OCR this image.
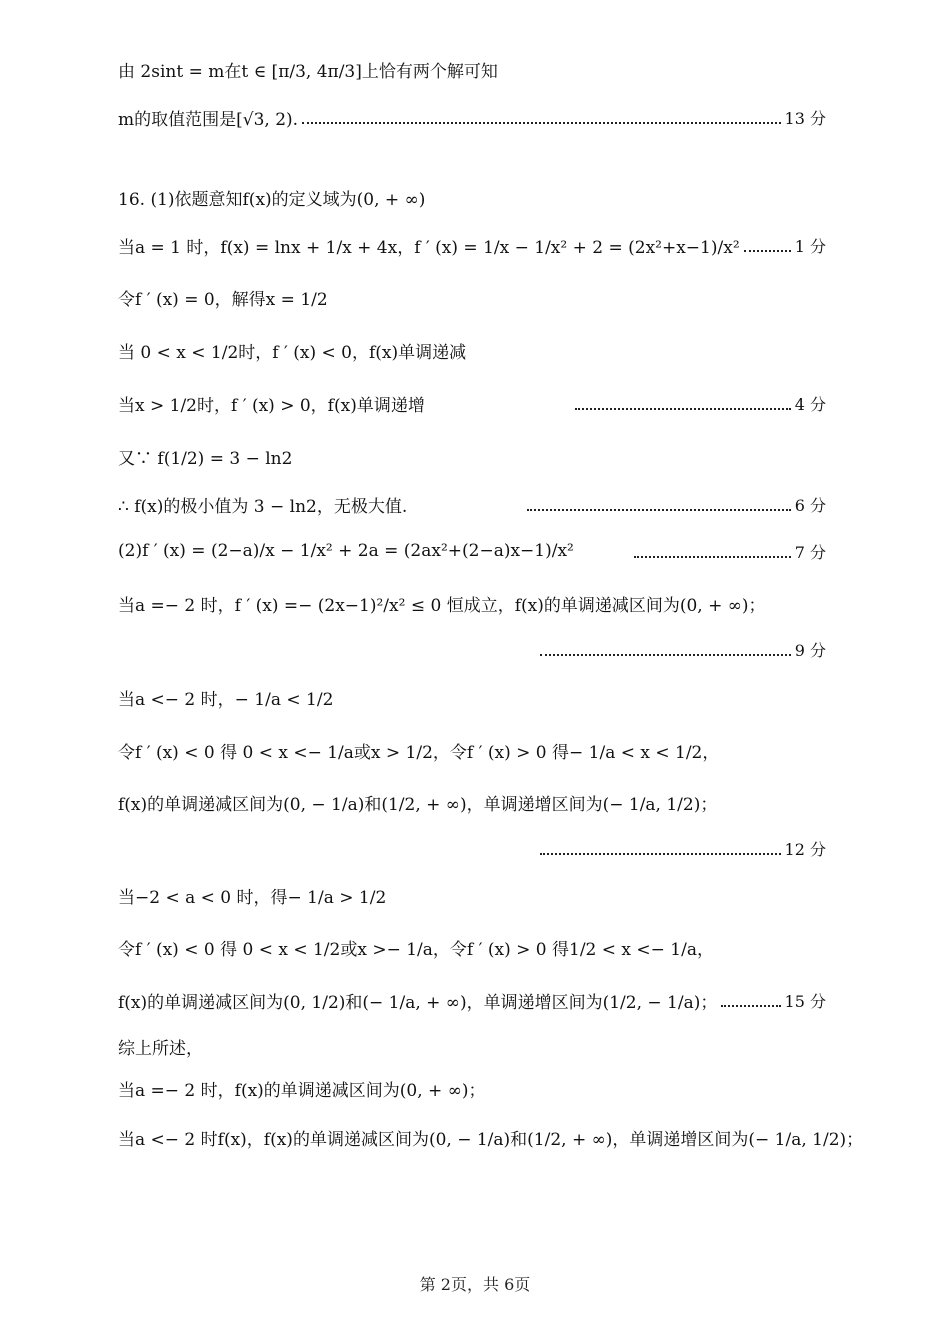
由 2sint = m在t ∈ [π/3, 4π/3]上恰有两个解可知
m的取值范围是[√3, 2).	13 分
16. (1)依题意知f(x)的定义域为(0, + ∞)
当a = 1 时，f(x) = lnx + 1/x + 4x，f ′ (x) = 1/x − 1/x² + 2 = (2x²+x−1)/x²	1 分
令f ′ (x) = 0，解得x = 1/2
当 0 < x < 1/2时，f ′ (x) < 0，f(x)单调递减
当x > 1/2时，f ′ (x) > 0，f(x)单调递增	4 分
又∵ f(1/2) = 3 − ln2
∴ f(x)的极小值为 3 − ln2，无极大值.	6 分
(2)f ′ (x) = (2−a)/x − 1/x² + 2a = (2ax²+(2−a)x−1)/x²	7 分
当a =− 2 时，f ′ (x) =− (2x−1)²/x² ≤ 0 恒成立，f(x)的单调递减区间为(0, + ∞)；
9 分
当a <− 2 时，− 1/a < 1/2
令f ′ (x) < 0 得 0 < x <− 1/a或x > 1/2，令f ′ (x) > 0 得− 1/a < x < 1/2，
f(x)的单调递减区间为(0, − 1/a)和(1/2, + ∞)，单调递增区间为(− 1/a, 1/2)；
12 分
当−2 < a < 0 时，得− 1/a > 1/2
令f ′ (x) < 0 得 0 < x < 1/2或x >− 1/a，令f ′ (x) > 0 得1/2 < x <− 1/a，
f(x)的单调递减区间为(0, 1/2)和(− 1/a, + ∞)，单调递增区间为(1/2, − 1/a)；	15 分
综上所述，
当a =− 2 时，f(x)的单调递减区间为(0, + ∞)；
当a <− 2 时f(x)，f(x)的单调递减区间为(0, − 1/a)和(1/2, + ∞)，单调递增区间为(− 1/a, 1/2)；
第 2页，共 6页
